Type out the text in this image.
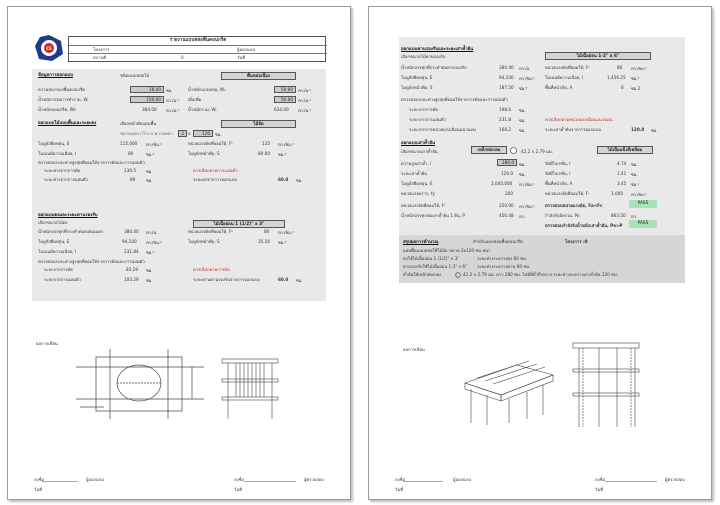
CE
รายงานแบบหล่อพื้นคอนกรีต
โครงการ	ผู้ออกแบบ
สถานที่	0	วันที่
ข้อมูลการออกแบบ	ชนิดแบบหล่อไม้	พื้นหล่อเนื้อง
ความหนาของพื้นคอนกรีต	16.00	ซม.	น้ำหนักแบบหล่อ, Wₒ	50.00	กก./ม.²
น้ำหนักกรรมการทำงาน, Wₗ	150.00	กก./ม.² เผื่อเพิ่ม	50.00	กก./ม.²
น้ำหนักคอนกรีต, Wᴄ	384.00 กก./ม.² น้ำหนักรวม, Wₜ	634.00 กก./ม.²
ออกแบบไม้แบบพื้นและระยะตง	เลือกหน้าตัดแผ่นพื้น	ไม้อัด
ขนาดแผ่น กว้าง x ความหนา	2	x	120	ซม.
โมดูลัสยืดหยุ่น, E	115,000 กก./ซม.²	หน่วยแรงดัดที่ยอมให้, Fᵇ	135 กก./ซม.²
โมเมนต์ความเฉื่อย, I	80	ซม.⁴	โมดูลัสหน้าตัด, S	80.00 ซม.³
ตรวจสอบระยะห่างสูงสุดที่ยอมให้จากการดัดและการแอ่นตัว
ระยะห่างจากการดัด	130.5	ซม.	ควรเลือกตามการแอ่นตัว
ระยะห่างจากการแอ่นตัว	89	ซม.	ระยะตงจากการออกแบบ	60.0 ซม.
ออกแบบตงและระยะคานรองรับ
เลือกขนาดไม้ตง	ไม้เนื้ออ่อน 1 (1/2)" x 3"
น้ำหนักบรรทุกที่กระทำต่อตงต่อเมตร	380.40 กก./ม.	หน่วยแรงดัดที่ยอมให้, Fᵇ	80 กก./ซม.²
โมดูลัสยืดหยุ่น, E	94,100 กก./ซม.²	โมดูลัสหน้าตัด, S	35.16 ซม.³
โมเมนต์ความเฉื่อย, I	131.84 ซม.⁴
ตรวจสอบระยะห่างสูงสุดที่ยอมให้จากการดัดและการแอ่นตัว
ระยะจากการดัด	83.29 ซม.	ควรเลือกตามการดัด
ระยะจากการแอ่นตัว	103.29 ซม.	ระยะคานคานรองรับจากการออกแบบ	60.0 ซม.
ผลการเขียน
ลงชื่อ	ผู้ออกแบบ
วันที่
ลงชื่อ	ผู้ตรวจสอบ
วันที่
ออกแบบคานรองรับและระยะเสาค้ำยัน
เลือกขนาดไม้คานรองรับ	ไม้เนื้ออ่อน 1-2" x 6"
น้ำหนักบรรทุกที่กระทำต่อคานรองรับ	380.40 กก./ม.	หน่วยแรงดัดที่ยอมให้, Fᵇ	80 กก./ซม.²
โมดูลัสยืดหยุ่น, E	94,100 กก./ซม.² โมเมนต์ความเฉื่อย, I	1,456.25 ซม.⁴
โมดูลัสหน้าตัด, S	187.50 ซม.³	พื้นที่หน้าตัด, A	8 ซม.2
ตรวจสอบระยะห่างสูงสุดที่ยอมให้จากการดัดและการแอ่นตัว
ระยะจากการดัด	198.6 ซม.
ระยะจากการแอ่นตัว	231.8 ซม.	ควรเลือกตามหน่วยแรงเฉือนแนวนอน
ระยะจากการหน่วยแรงเฉือนแนวนอน	168.2 ซม.	ระยะเสาค้ำยันจากการออกแบบ	120.0 ซม.
ออกแบบเสาค้ำยัน
เลือกขนาดเสาค้ำยัน	เหล็กท่อกลม	42.2 x 2.79 มม.	ไม้เนื้อแข็งสี่เหลี่ยม
ความสูงเสาค้ำ, l	280.0	ซม.	รัศมีไจเรชั่น, r	4.74 ซม.
ระยะเสาค้ำยัน	120.0 ซม.	รัศมีไจเรชั่น, r	1.41 ซม.
โมดูลัสยืดหยุ่น, E	2,040,000 กก./ซม.² พื้นที่หน้าตัด, A	3.45 ซม.²
หน่วยแรงคราก, fy	200	หน่วยแรงอัดที่ยอมให้, Fᶜ	1,000 กก./ซม.²
หน่วยแรงอัดที่ยอมให้, Fᶜ	250.00 กก./ซม.² ตรวจสอบหน่วยแรงอัด, Fa<Fc	PASS
น้ำหนักบรรทุกต่อเสาค้ำยัน 1 ต้น, P	456.48 กก.	กำลังรับอัดรวม, Pa	863.50 กก.
ตรวจสอบกำลังรับน้ำหนักเสาค้ำยัน, Pa>P	PASS
สรุปผลการคำนวณ	สำหรับแบบหล่อพื้นคอนกรีต	โครงการ :0
แผ่นพื้นแบบหล่อใช้ไม้อัด ขนาด 2x120 ซม.หนา
ตงใช้ไม้เนื้ออ่อน 1 (1/2)" x 3"	ระยะห่างระหว่างตง 60 ซม.
คานรองรับใช้ไม้เนื้ออ่อน 1-2" x 6" ระยะห่างระหว่างคาน 60 ซม.
ค้ำยันใช้เหล็กท่อกลม	42.2 x 2.79 มม. ยาว 280 ซม. ไม่มีที่ค้ำกึ่งกลาง ระยะห่างระหว่างเสาค้ำยัน 120 ซม.
ผลการเขียน
ลงชื่อ	ผู้ออกแบบ
วันที่
ลงชื่อ	ผู้ตรวจสอบ
วันที่
